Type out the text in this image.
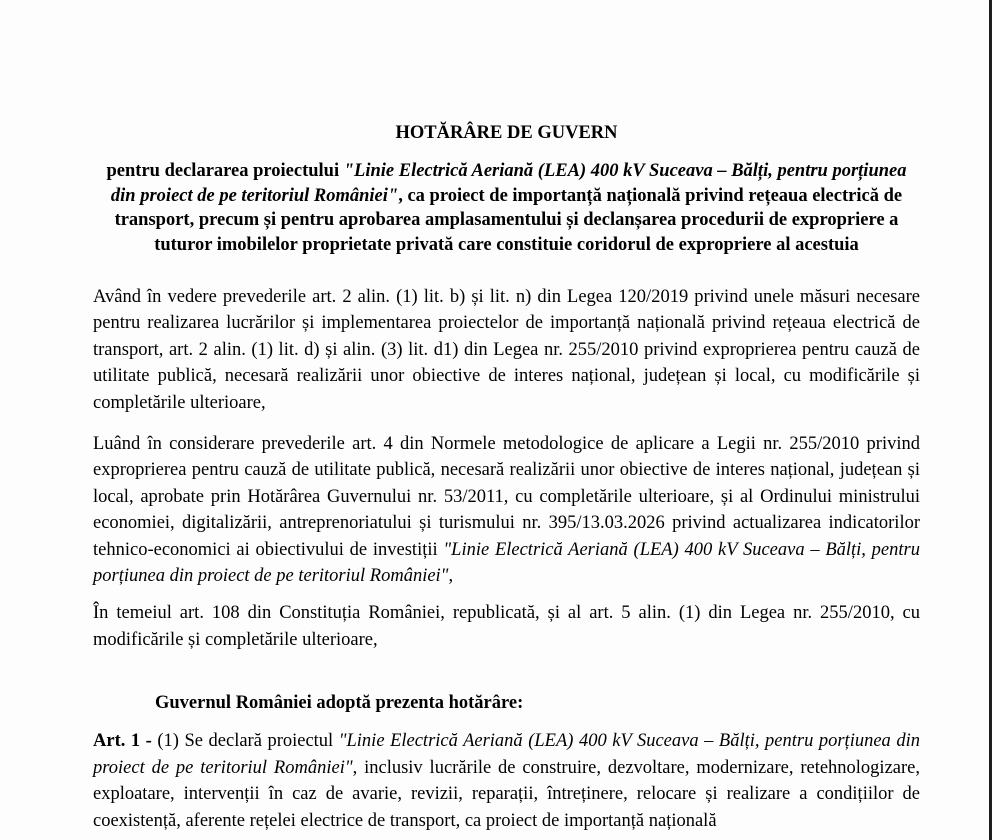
HOTĂRÂRE DE GUVERN

pentru declararea proiectului "Linie Electrică Aeriană (LEA) 400 kV Suceava – Bălți, pentru porțiunea din proiect de pe teritoriul României", ca proiect de importanță națională privind rețeaua electrică de transport, precum și pentru aprobarea amplasamentului și declanșarea procedurii de expropriere a tuturor imobilelor proprietate privată care constituie coridorul de expropriere al acestuia

Având în vedere prevederile art. 2 alin. (1) lit. b) și lit. n) din Legea 120/2019 privind unele măsuri necesare pentru realizarea lucrărilor și implementarea proiectelor de importanță națională privind rețeaua electrică de transport, art. 2 alin. (1) lit. d) și alin. (3) lit. d1) din Legea nr. 255/2010 privind exproprierea pentru cauză de utilitate publică, necesară realizării unor obiective de interes național, județean și local, cu modificările și completările ulterioare,

Luând în considerare prevederile art. 4 din Normele metodologice de aplicare a Legii nr. 255/2010 privind exproprierea pentru cauză de utilitate publică, necesară realizării unor obiective de interes național, județean și local, aprobate prin Hotărârea Guvernului nr. 53/2011, cu completările ulterioare, și al Ordinului ministrului economiei, digitalizării, antreprenoriatului și turismului nr. 395/13.03.2026 privind actualizarea indicatorilor tehnico-economici ai obiectivului de investiții "Linie Electrică Aeriană (LEA) 400 kV Suceava – Bălți, pentru porțiunea din proiect de pe teritoriul României",

În temeiul art. 108 din Constituția României, republicată, și al art. 5 alin. (1) din Legea nr. 255/2010, cu modificările și completările ulterioare,

Guvernul României adoptă prezenta hotărâre:

Art. 1 - (1) Se declară proiectul "Linie Electrică Aeriană (LEA) 400 kV Suceava – Bălți, pentru porțiunea din proiect de pe teritoriul României", inclusiv lucrările de construire, dezvoltare, modernizare, retehnologizare, exploatare, intervenții în caz de avarie, revizii, reparații, întreținere, relocare și realizare a condițiilor de coexistență, aferente rețelei electrice de transport, ca proiect de importanță națională
